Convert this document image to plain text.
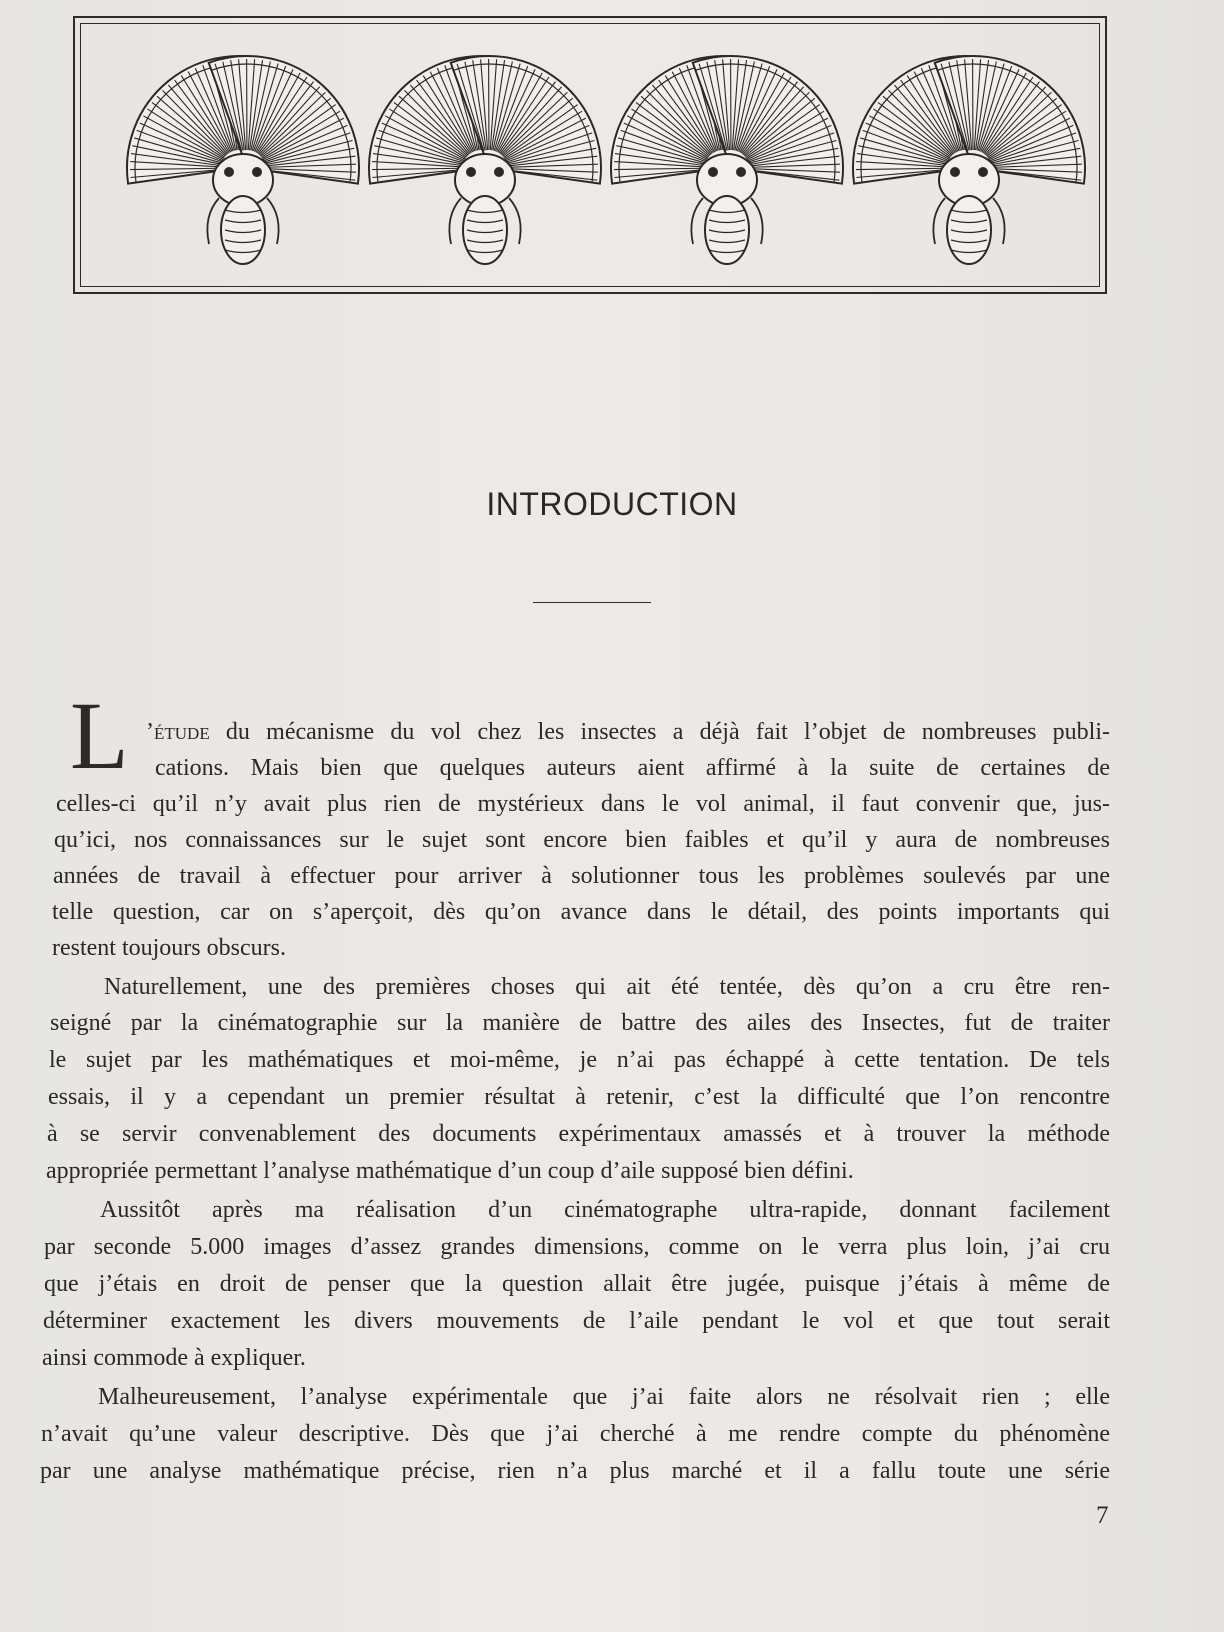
INTRODUCTION
L ’étude du mécanisme du vol chez les insectes a déjà fait l’objet de nombreuses publi-
cations. Mais bien que quelques auteurs aient affirmé à la suite de certaines de
celles-ci qu’il n’y avait plus rien de mystérieux dans le vol animal, il faut convenir que, jus-
qu’ici, nos connaissances sur le sujet sont encore bien faibles et qu’il y aura de nombreuses
années de travail à effectuer pour arriver à solutionner tous les problèmes soulevés par une
telle question, car on s’aperçoit, dès qu’on avance dans le détail, des points importants qui
restent toujours obscurs.
Naturellement, une des premières choses qui ait été tentée, dès qu’on a cru être ren-
seigné par la cinématographie sur la manière de battre des ailes des Insectes, fut de traiter
le sujet par les mathématiques et moi-même, je n’ai pas échappé à cette tentation. De tels
essais, il y a cependant un premier résultat à retenir, c’est la difficulté que l’on rencontre
à se servir convenablement des documents expérimentaux amassés et à trouver la méthode
appropriée permettant l’analyse mathématique d’un coup d’aile supposé bien défini.
Aussitôt après ma réalisation d’un cinématographe ultra-rapide, donnant facilement
par seconde 5.000 images d’assez grandes dimensions, comme on le verra plus loin, j’ai cru
que j’étais en droit de penser que la question allait être jugée, puisque j’étais à même de
déterminer exactement les divers mouvements de l’aile pendant le vol et que tout serait
ainsi commode à expliquer.
Malheureusement, l’analyse expérimentale que j’ai faite alors ne résolvait rien ; elle
n’avait qu’une valeur descriptive. Dès que j’ai cherché à me rendre compte du phénomène
par une analyse mathématique précise, rien n’a plus marché et il a fallu toute une série
7
